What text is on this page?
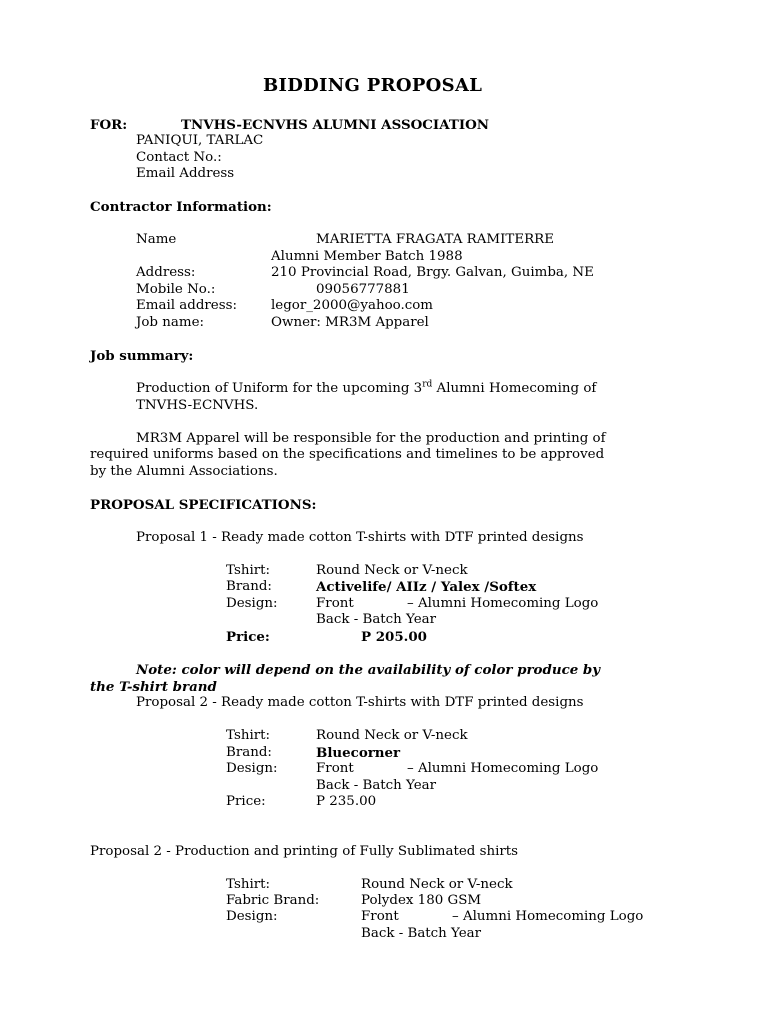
BIDDING PROPOSAL
FOR:	TNVHS-ECNVHS ALUMNI ASSOCIATION
PANIQUI, TARLAC
Contact No.:
Email Address
Contractor Information:
Name	MARIETTA FRAGATA RAMITERRE
Alumni Member Batch 1988
Address:	210 Provincial Road, Brgy. Galvan, Guimba, NE
Mobile No.:	09056777881
Email address:	legor_2000@yahoo.com
Job name:	Owner: MR3M Apparel
Job summary:
Production of Uniform for the upcoming 3rd Alumni Homecoming of
TNVHS-ECNVHS.
MR3M Apparel will be responsible for the production and printing of
required uniforms based on the specifications and timelines to be approved
by the Alumni Associations.
PROPOSAL SPECIFICATIONS:
Proposal 1 - Ready made cotton T-shirts with DTF printed designs
Tshirt:	Round Neck or V-neck
Brand:	Activelife/ AIIz / Yalex /Softex
Design:	Front	– Alumni Homecoming Logo
Back - Batch Year
Price:	P 205.00
Note: color will depend on the availability of color produce by
the T-shirt brand
Proposal 2 - Ready made cotton T-shirts with DTF printed designs
Tshirt:	Round Neck or V-neck
Brand:	Bluecorner
Design:	Front	– Alumni Homecoming Logo
Back - Batch Year
Price:	P 235.00
Proposal 2 - Production and printing of Fully Sublimated shirts
Tshirt:	Round Neck or V-neck
Fabric Brand:	Polydex 180 GSM
Design:	Front	– Alumni Homecoming Logo
Back - Batch Year
